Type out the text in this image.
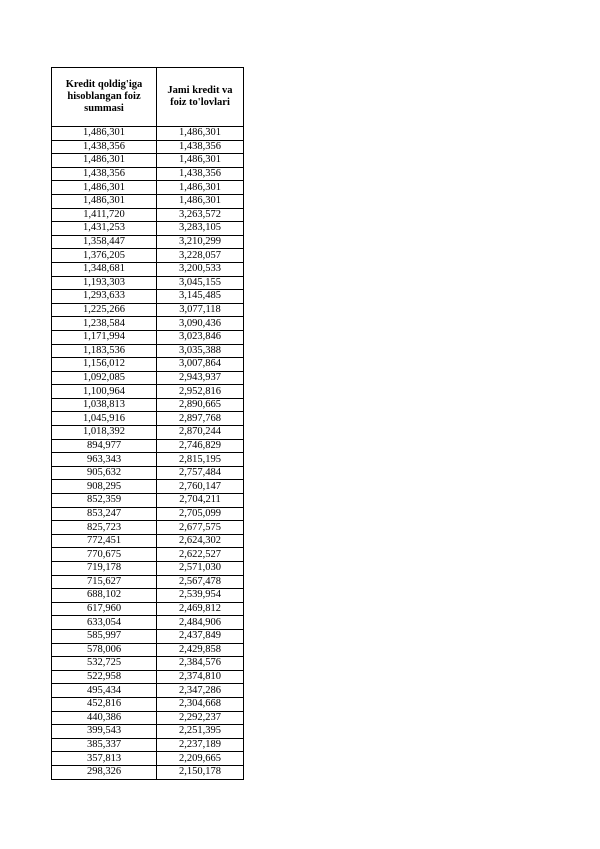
Kredit qoldig'iga hisoblangan foiz summasi	Jami kredit va foiz to'lovlari
1,486,301	1,486,301
1,438,356	1,438,356
1,486,301	1,486,301
1,438,356	1,438,356
1,486,301	1,486,301
1,486,301	1,486,301
1,411,720	3,263,572
1,431,253	3,283,105
1,358,447	3,210,299
1,376,205	3,228,057
1,348,681	3,200,533
1,193,303	3,045,155
1,293,633	3,145,485
1,225,266	3,077,118
1,238,584	3,090,436
1,171,994	3,023,846
1,183,536	3,035,388
1,156,012	3,007,864
1,092,085	2,943,937
1,100,964	2,952,816
1,038,813	2,890,665
1,045,916	2,897,768
1,018,392	2,870,244
894,977	2,746,829
963,343	2,815,195
905,632	2,757,484
908,295	2,760,147
852,359	2,704,211
853,247	2,705,099
825,723	2,677,575
772,451	2,624,302
770,675	2,622,527
719,178	2,571,030
715,627	2,567,478
688,102	2,539,954
617,960	2,469,812
633,054	2,484,906
585,997	2,437,849
578,006	2,429,858
532,725	2,384,576
522,958	2,374,810
495,434	2,347,286
452,816	2,304,668
440,386	2,292,237
399,543	2,251,395
385,337	2,237,189
357,813	2,209,665
298,326	2,150,178
